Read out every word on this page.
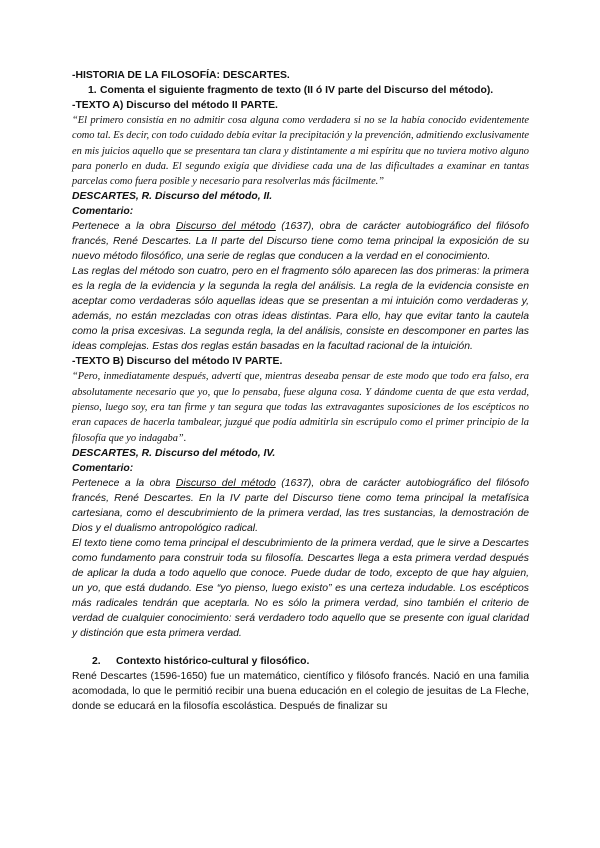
-HISTORIA DE LA FILOSOFÍA: DESCARTES.

1. Comenta el siguiente fragmento de texto (II ó IV parte del Discurso del método).

-TEXTO A) Discurso del método II PARTE.

“El primero consistía en no admitir cosa alguna como verdadera si no se la había conocido evidentemente como tal. Es decir, con todo cuidado debía evitar la precipitación y la prevención, admitiendo exclusivamente en mis juicios aquello que se presentara tan clara y distintamente a mi espíritu que no tuviera motivo alguno para ponerlo en duda. El segundo exigía que dividiese cada una de las dificultades a examinar en tantas parcelas como fuera posible y necesario para resolverlas más fácilmente.”

DESCARTES, R. Discurso del método, II.

Comentario:

Pertenece a la obra Discurso del método (1637), obra de carácter autobiográfico del filósofo francés, René Descartes. La II parte del Discurso tiene como tema principal la exposición de su nuevo método filosófico, una serie de reglas que conducen a la verdad en el conocimiento.

Las reglas del método son cuatro, pero en el fragmento sólo aparecen las dos primeras: la primera es la regla de la evidencia y la segunda la regla del análisis. La regla de la evidencia consiste en aceptar como verdaderas sólo aquellas ideas que se presentan a mi intuición como verdaderas y, además, no están mezcladas con otras ideas distintas. Para ello, hay que evitar tanto la cautela como la prisa excesivas. La segunda regla, la del análisis, consiste en descomponer en partes las ideas complejas. Estas dos reglas están basadas en la facultad racional de la intuición.

-TEXTO B) Discurso del método IV PARTE.

“Pero, inmediatamente después, advertí que, mientras deseaba pensar de este modo que todo era falso, era absolutamente necesario que yo, que lo pensaba, fuese alguna cosa. Y dándome cuenta de que esta verdad, pienso, luego soy, era tan firme y tan segura que todas las extravagantes suposiciones de los escépticos no eran capaces de hacerla tambalear, juzgué que podía admitirla sin escrúpulo como el primer principio de la filosofía que yo indagaba”.

DESCARTES, R. Discurso del método, IV.

Comentario:

Pertenece a la obra Discurso del método (1637), obra de carácter autobiográfico del filósofo francés, René Descartes. En la IV parte del Discurso tiene como tema principal la metafísica cartesiana, como el descubrimiento de la primera verdad, las tres sustancias, la demostración de Dios y el dualismo antropológico radical.

El texto tiene como tema principal el descubrimiento de la primera verdad, que le sirve a Descartes como fundamento para construir toda su filosofía. Descartes llega a esta primera verdad después de aplicar la duda a todo aquello que conoce. Puede dudar de todo, excepto de que hay alguien, un yo, que está dudando. Ese “yo pienso, luego existo” es una certeza indudable. Los escépticos más radicales tendrán que aceptarla. No es sólo la primera verdad, sino también el criterio de verdad de cualquier conocimiento: será verdadero todo aquello que se presente con igual claridad y distinción que esta primera verdad.

2. Contexto histórico-cultural y filosófico.

René Descartes (1596-1650) fue un matemático, científico y filósofo francés. Nació en una familia acomodada, lo que le permitió recibir una buena educación en el colegio de jesuitas de La Fleche, donde se educará en la filosofía escolástica. Después de finalizar su
